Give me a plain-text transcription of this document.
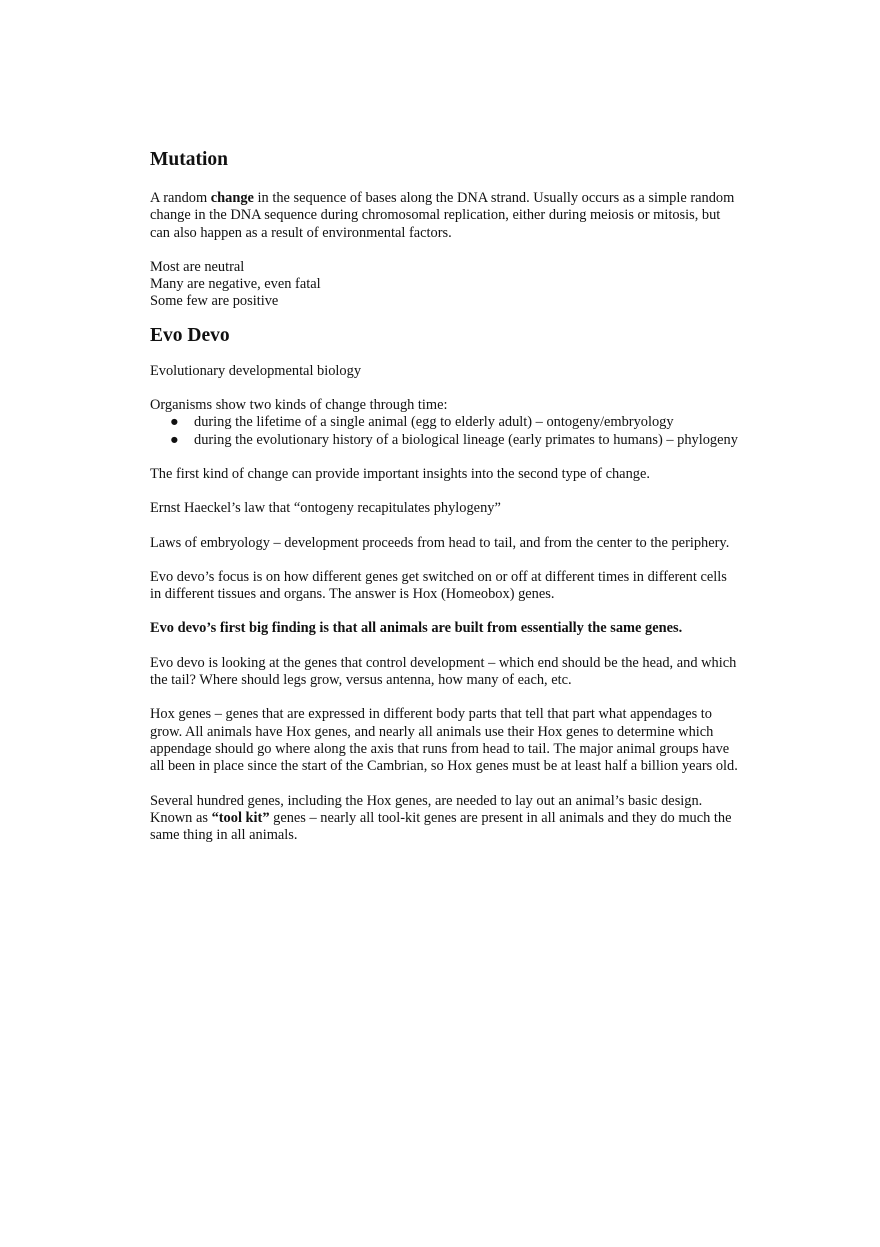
Mutation

A random change in the sequence of bases along the DNA strand. Usually occurs as a simple random change in the DNA sequence during chromosomal replication, either during meiosis or mitosis, but can also happen as a result of environmental factors.

Most are neutral

Many are negative, even fatal

Some few are positive

Evo Devo

Evolutionary developmental biology

Organisms show two kinds of change through time:

● during the lifetime of a single animal (egg to elderly adult) – ontogeny/embryology
● during the evolutionary history of a biological lineage (early primates to humans) – phylogeny

The first kind of change can provide important insights into the second type of change.

Ernst Haeckel’s law that “ontogeny recapitulates phylogeny”

Laws of embryology – development proceeds from head to tail, and from the center to the periphery.

Evo devo’s focus is on how different genes get switched on or off at different times in different cells in different tissues and organs. The answer is Hox (Homeobox) genes.

Evo devo’s first big finding is that all animals are built from essentially the same genes.

Evo devo is looking at the genes that control development – which end should be the head, and which the tail? Where should legs grow, versus antenna, how many of each, etc.

Hox genes – genes that are expressed in different body parts that tell that part what appendages to grow. All animals have Hox genes, and nearly all animals use their Hox genes to determine which appendage should go where along the axis that runs from head to tail. The major animal groups have all been in place since the start of the Cambrian, so Hox genes must be at least half a billion years old.

Several hundred genes, including the Hox genes, are needed to lay out an animal’s basic design. Known as “tool kit” genes – nearly all tool-kit genes are present in all animals and they do much the same thing in all animals.
